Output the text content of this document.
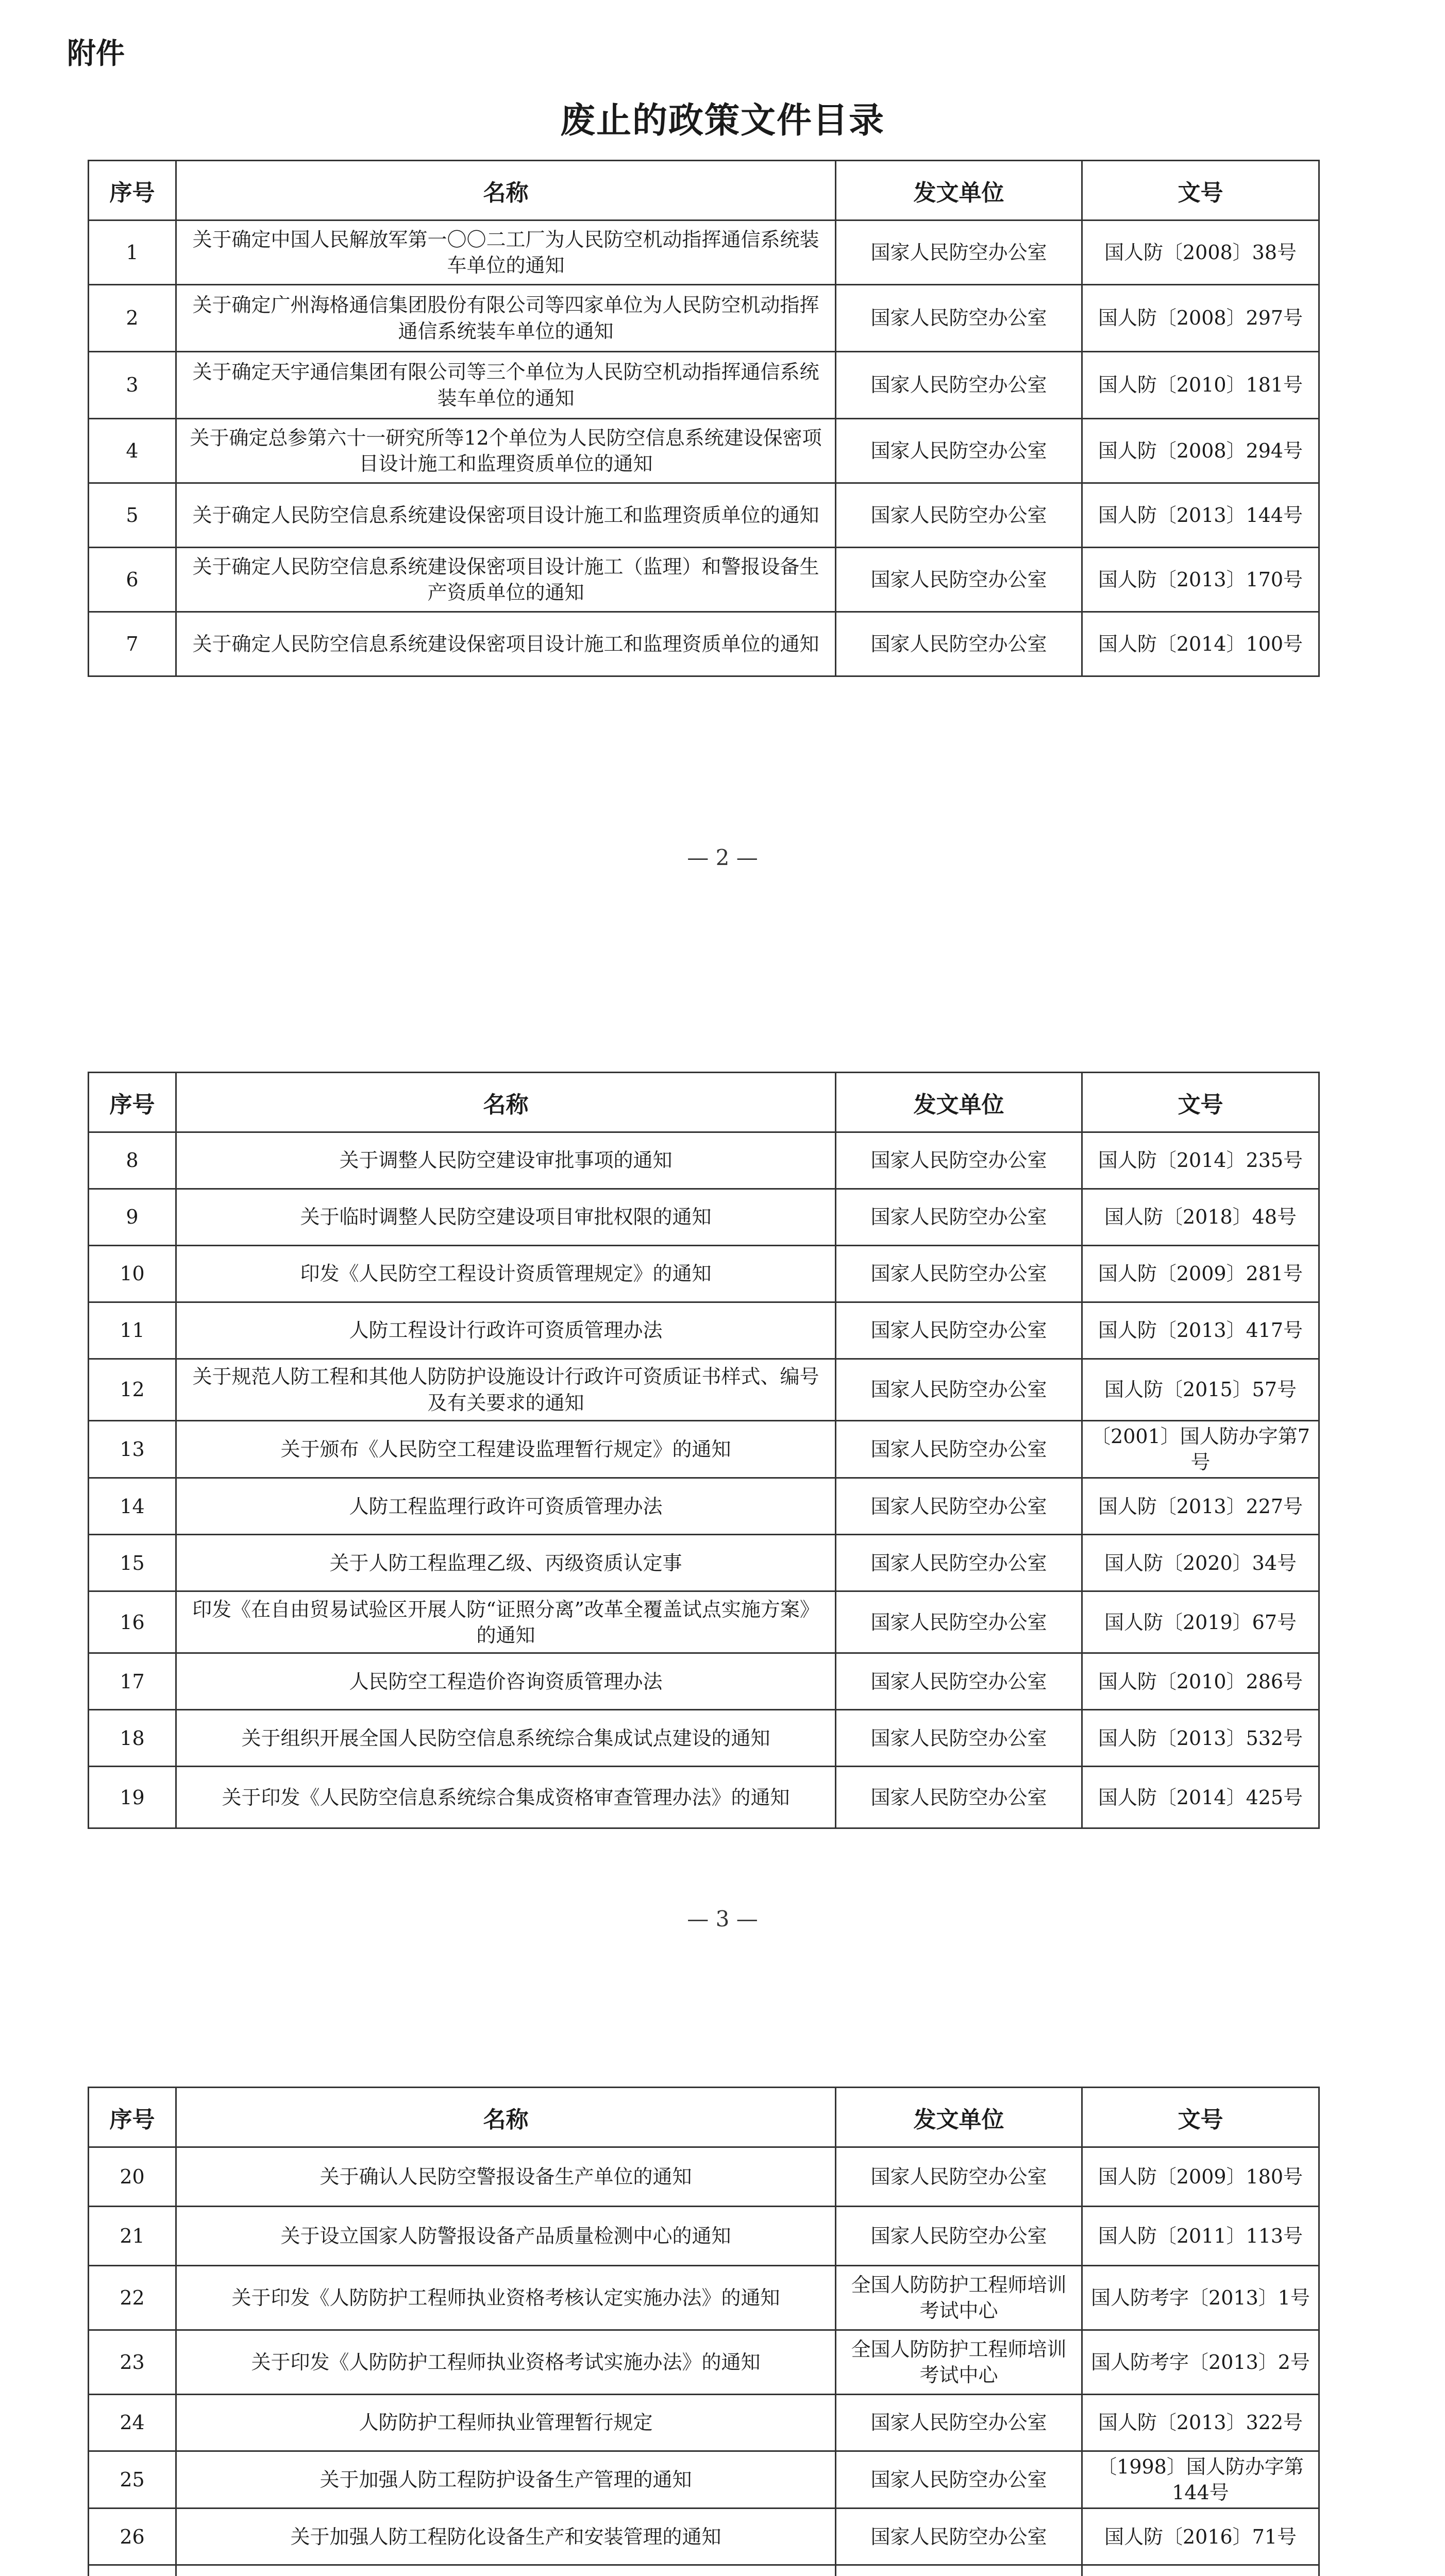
附件
废止的政策文件目录
序号	名称	发文单位	文号
1	关于确定中国人民解放军第一〇〇二工厂为人民防空机动指挥通信系统装车单位的通知	国家人民防空办公室	国人防〔2008〕38号
2	关于确定广州海格通信集团股份有限公司等四家单位为人民防空机动指挥通信系统装车单位的通知	国家人民防空办公室	国人防〔2008〕297号
3	关于确定天宇通信集团有限公司等三个单位为人民防空机动指挥通信系统装车单位的通知	国家人民防空办公室	国人防〔2010〕181号
4	关于确定总参第六十一研究所等12个单位为人民防空信息系统建设保密项目设计施工和监理资质单位的通知	国家人民防空办公室	国人防〔2008〕294号
5	关于确定人民防空信息系统建设保密项目设计施工和监理资质单位的通知	国家人民防空办公室	国人防〔2013〕144号
6	关于确定人民防空信息系统建设保密项目设计施工（监理）和警报设备生产资质单位的通知	国家人民防空办公室	国人防〔2013〕170号
7	关于确定人民防空信息系统建设保密项目设计施工和监理资质单位的通知	国家人民防空办公室	国人防〔2014〕100号
— 2 —
序号	名称	发文单位	文号
8	关于调整人民防空建设审批事项的通知	国家人民防空办公室	国人防〔2014〕235号
9	关于临时调整人民防空建设项目审批权限的通知	国家人民防空办公室	国人防〔2018〕48号
10	印发《人民防空工程设计资质管理规定》的通知	国家人民防空办公室	国人防〔2009〕281号
11	人防工程设计行政许可资质管理办法	国家人民防空办公室	国人防〔2013〕417号
12	关于规范人防工程和其他人防防护设施设计行政许可资质证书样式、编号及有关要求的通知	国家人民防空办公室	国人防〔2015〕57号
13	关于颁布《人民防空工程建设监理暂行规定》的通知	国家人民防空办公室	〔2001〕国人防办字第7号
14	人防工程监理行政许可资质管理办法	国家人民防空办公室	国人防〔2013〕227号
15	关于人防工程监理乙级、丙级资质认定事	国家人民防空办公室	国人防〔2020〕34号
16	印发《在自由贸易试验区开展人防“证照分离”改革全覆盖试点实施方案》的通知	国家人民防空办公室	国人防〔2019〕67号
17	人民防空工程造价咨询资质管理办法	国家人民防空办公室	国人防〔2010〕286号
18	关于组织开展全国人民防空信息系统综合集成试点建设的通知	国家人民防空办公室	国人防〔2013〕532号
19	关于印发《人民防空信息系统综合集成资格审查管理办法》的通知	国家人民防空办公室	国人防〔2014〕425号
— 3 —
序号	名称	发文单位	文号
20	关于确认人民防空警报设备生产单位的通知	国家人民防空办公室	国人防〔2009〕180号
21	关于设立国家人防警报设备产品质量检测中心的通知	国家人民防空办公室	国人防〔2011〕113号
22	关于印发《人防防护工程师执业资格考核认定实施办法》的通知	全国人防防护工程师培训考试中心	国人防考字〔2013〕1号
23	关于印发《人防防护工程师执业资格考试实施办法》的通知	全国人防防护工程师培训考试中心	国人防考字〔2013〕2号
24	人防防护工程师执业管理暂行规定	国家人民防空办公室	国人防〔2013〕322号
25	关于加强人防工程防护设备生产管理的通知	国家人民防空办公室	〔1998〕国人防办字第144号
26	关于加强人防工程防化设备生产和安装管理的通知	国家人民防空办公室	国人防〔2016〕71号
